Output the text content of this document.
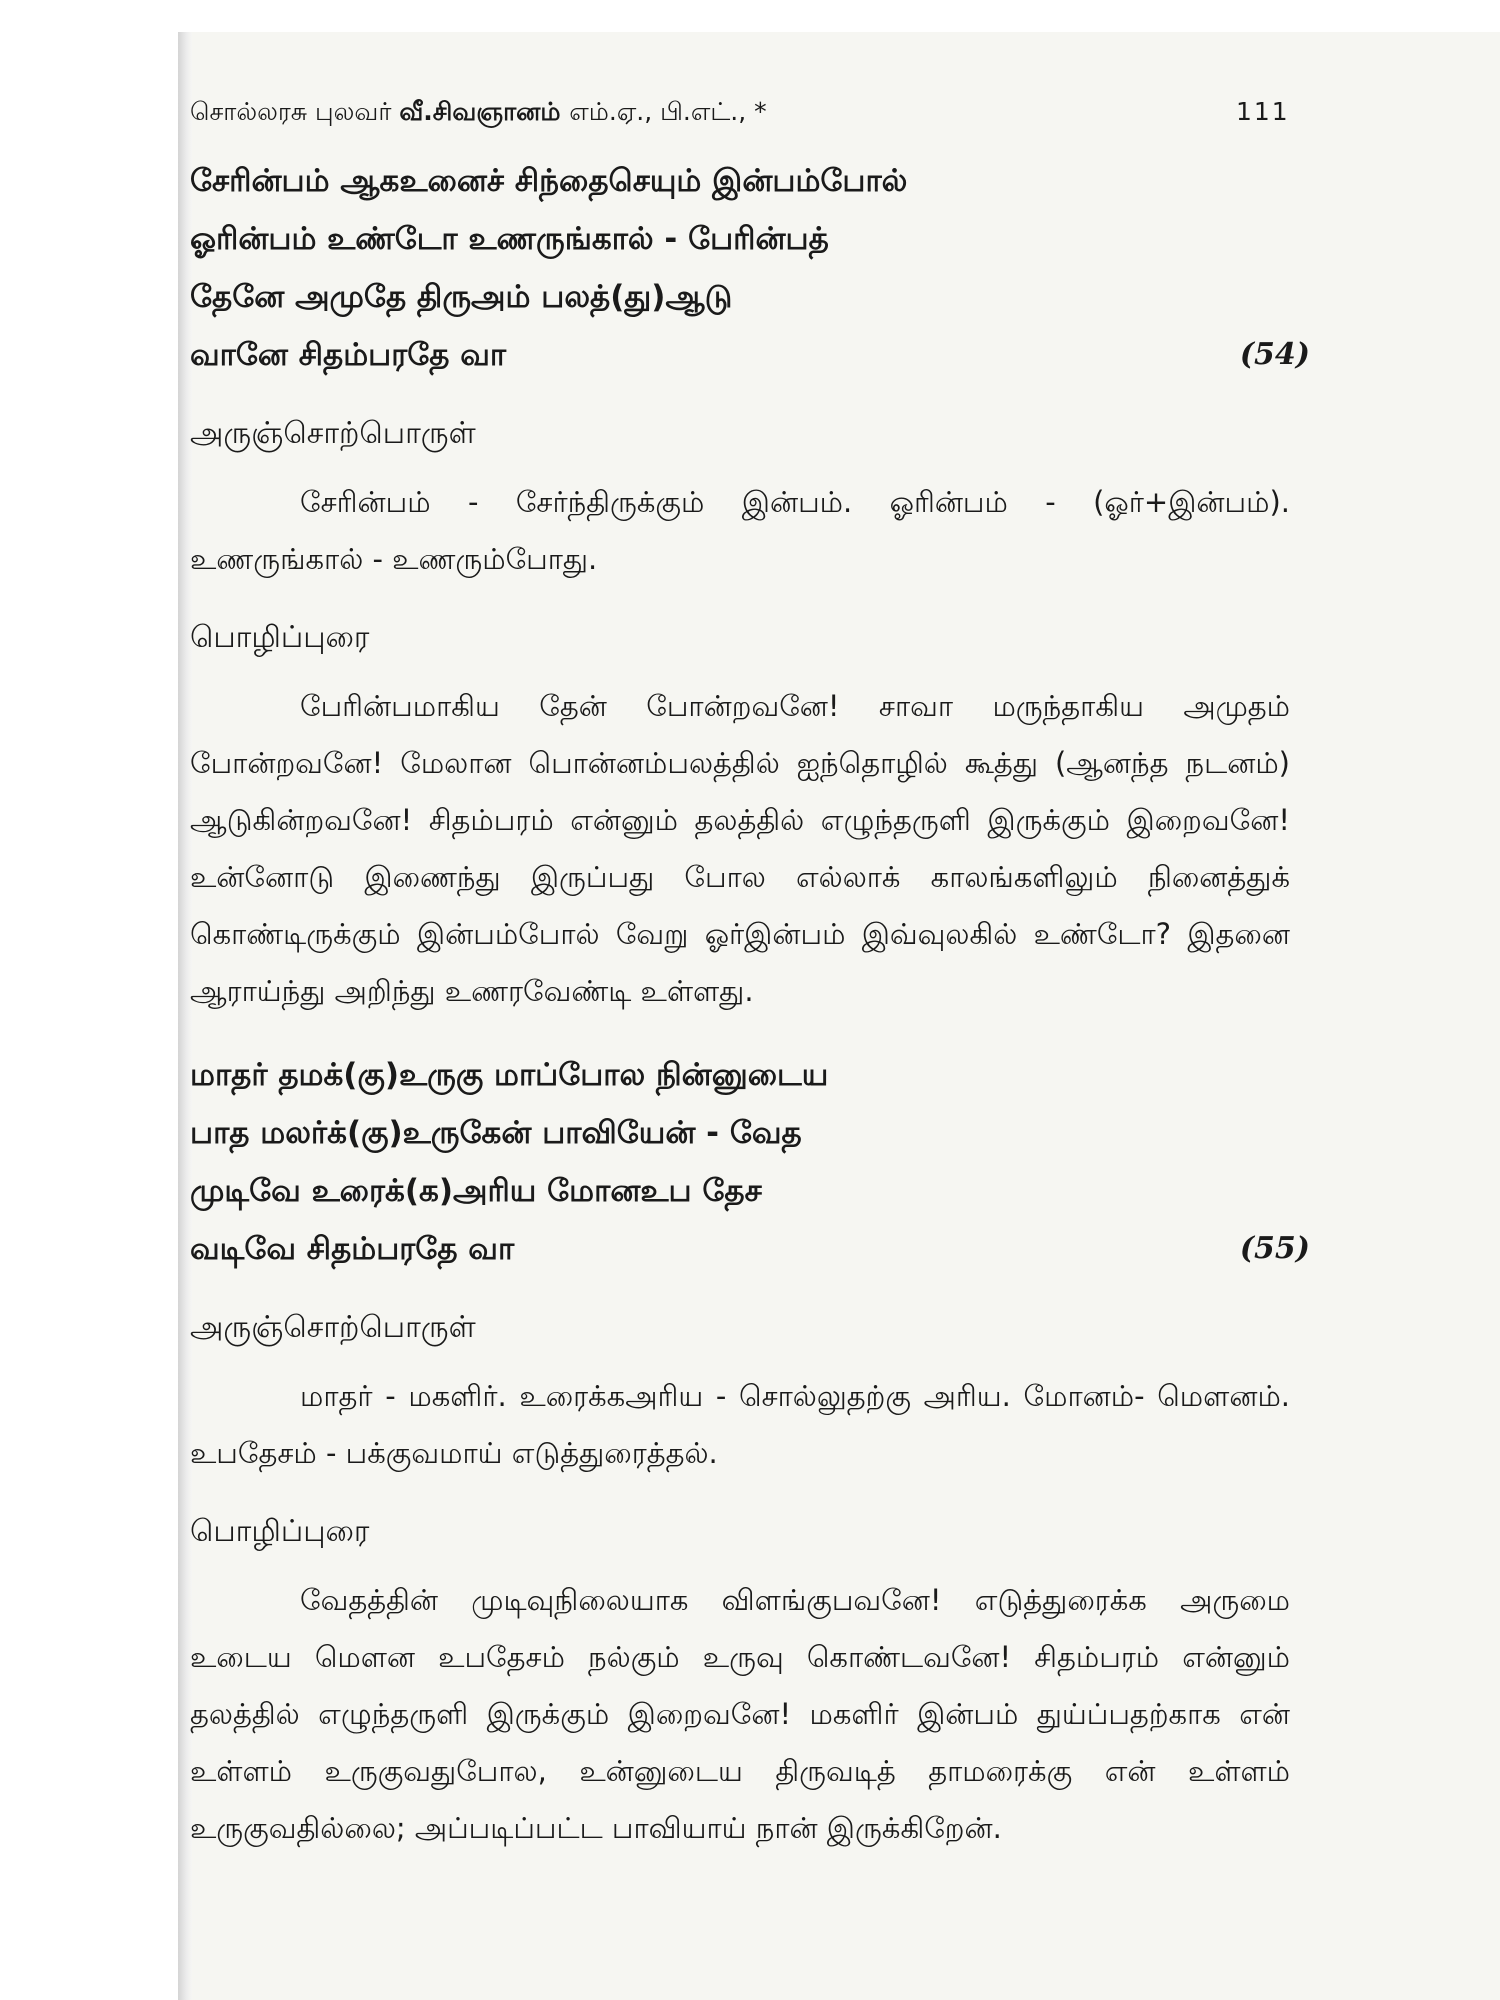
சொல்லரசு புலவர் வீ.சிவஞானம் எம்.ஏ., பி.எட்., *	111
சேரின்பம் ஆகஉனைச் சிந்தைசெயும் இன்பம்போல்
ஓரின்பம் உண்டோ உணருங்கால் - பேரின்பத்
தேனே அமுதே திருஅம் பலத்(து)ஆடு
வானே சிதம்பரதே வா	(54)
அருஞ்சொற்பொருள்

சேரின்பம் - சேர்ந்திருக்கும் இன்பம். ஓரின்பம் - (ஓர்+இன்பம்). உணருங்கால் - உணரும்போது.

பொழிப்புரை

பேரின்பமாகிய தேன் போன்றவனே! சாவா மருந்தாகிய அமுதம் போன்றவனே! மேலான பொன்னம்பலத்தில் ஐந்தொழில் கூத்து (ஆனந்த நடனம்) ஆடுகின்றவனே! சிதம்பரம் என்னும் தலத்தில் எழுந்தருளி இருக்கும் இறைவனே! உன்னோடு இணைந்து இருப்பது போல எல்லாக் காலங்களிலும் நினைத்துக் கொண்டிருக்கும் இன்பம்போல் வேறு ஓர்இன்பம் இவ்வுலகில் உண்டோ? இதனை ஆராய்ந்து அறிந்து உணரவேண்டி உள்ளது.

மாதர் தமக்(கு)உருகு மாப்போல நின்னுடைய
பாத மலர்க்(கு)உருகேன் பாவியேன் - வேத
முடிவே உரைக்(க)அரிய மோனஉப தேச
வடிவே சிதம்பரதே வா	(55)
அருஞ்சொற்பொருள்

மாதர் - மகளிர். உரைக்கஅரிய - சொல்லுதற்கு அரிய. மோனம்- மௌனம். உபதேசம் - பக்குவமாய் எடுத்துரைத்தல்.

பொழிப்புரை

வேதத்தின் முடிவுநிலையாக விளங்குபவனே! எடுத்துரைக்க அருமை உடைய மௌன உபதேசம் நல்கும் உருவு கொண்டவனே! சிதம்பரம் என்னும் தலத்தில் எழுந்தருளி இருக்கும் இறைவனே! மகளிர் இன்பம் துய்ப்பதற்காக என் உள்ளம் உருகுவதுபோல, உன்னுடைய திருவடித் தாமரைக்கு என் உள்ளம் உருகுவதில்லை; அப்படிப்பட்ட பாவியாய் நான் இருக்கிறேன்.
